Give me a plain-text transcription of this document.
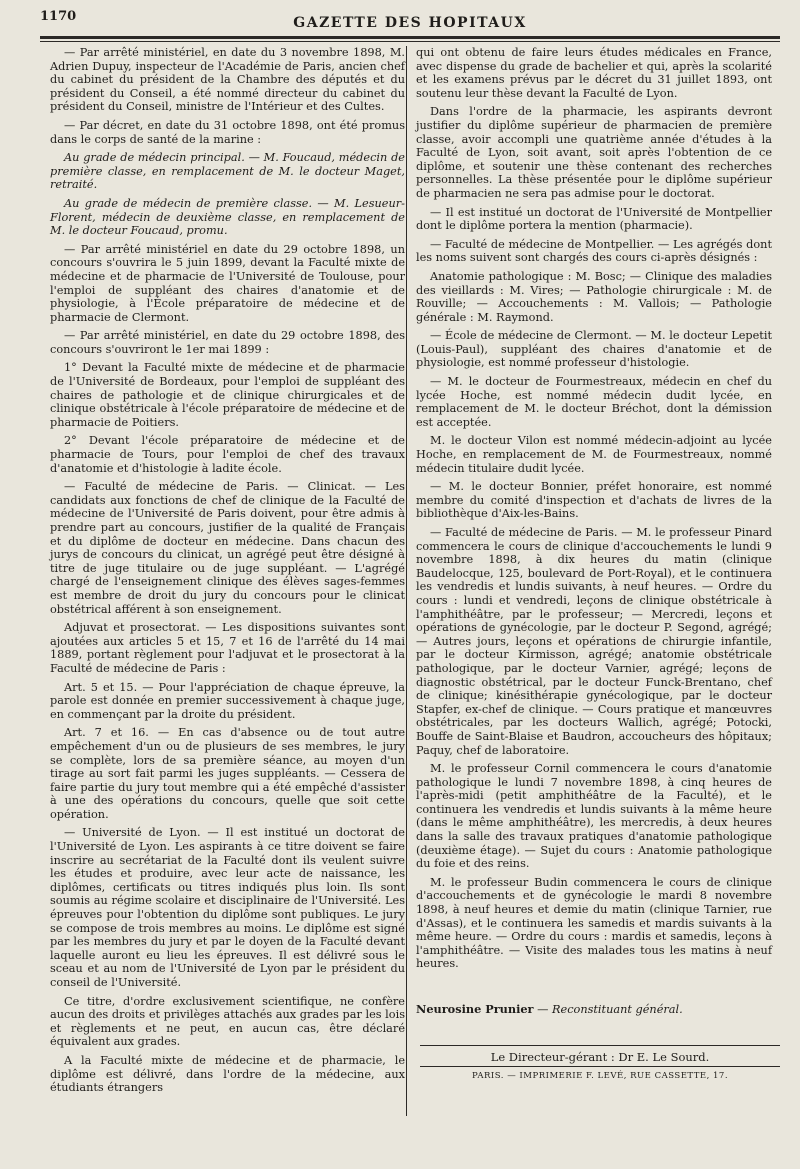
1170	GAZETTE DES HOPITAUX

— Par arrêté ministériel, en date du 3 novembre 1898, M. Adrien Dupuy, inspecteur de l'Académie de Paris, ancien chef du cabinet du président de la Chambre des députés et du président du Conseil, a été nommé directeur du cabinet du président du Conseil, ministre de l'Intérieur et des Cultes.

— Par décret, en date du 31 octobre 1898, ont été promus dans le corps de santé de la marine :

Au grade de médecin principal. — M. Foucaud, médecin de première classe, en remplacement de M. le docteur Maget, retraité.

Au grade de médecin de première classe. — M. Lesueur-Florent, médecin de deuxième classe, en remplacement de M. le docteur Foucaud, promu.

— Par arrêté ministériel en date du 29 octobre 1898, un concours s'ouvrira le 5 juin 1899, devant la Faculté mixte de médecine et de pharmacie de l'Université de Toulouse, pour l'emploi de suppléant des chaires d'anatomie et de physiologie, à l'École préparatoire de médecine et de pharmacie de Clermont.

— Par arrêté ministériel, en date du 29 octobre 1898, des concours s'ouvriront le 1er mai 1899 :

1° Devant la Faculté mixte de médecine et de pharmacie de l'Université de Bordeaux, pour l'emploi de suppléant des chaires de pathologie et de clinique chirurgicales et de clinique obstétricale à l'école préparatoire de médecine et de pharmacie de Poitiers.

2° Devant l'école préparatoire de médecine et de pharmacie de Tours, pour l'emploi de chef des travaux d'anatomie et d'histologie à ladite école.

— Faculté de médecine de Paris. — Clinicat. — Les candidats aux fonctions de chef de clinique de la Faculté de médecine de l'Université de Paris doivent, pour être admis à prendre part au concours, justifier de la qualité de Français et du diplôme de docteur en médecine. Dans chacun des jurys de concours du clinicat, un agrégé peut être désigné à titre de juge titulaire ou de juge suppléant. — L'agrégé chargé de l'enseignement clinique des élèves sages-femmes est membre de droit du jury du concours pour le clinicat obstétrical afférent à son enseignement.

Adjuvat et prosectorat. — Les dispositions suivantes sont ajoutées aux articles 5 et 15, 7 et 16 de l'arrêté du 14 mai 1889, portant règlement pour l'adjuvat et le prosectorat à la Faculté de médecine de Paris :

Art. 5 et 15. — Pour l'appréciation de chaque épreuve, la parole est donnée en premier successivement à chaque juge, en commençant par la droite du président.

Art. 7 et 16. — En cas d'absence ou de tout autre empêchement d'un ou de plusieurs de ses membres, le jury se complète, lors de sa première séance, au moyen d'un tirage au sort fait parmi les juges suppléants. — Cessera de faire partie du jury tout membre qui a été empêché d'assister à une des opérations du concours, quelle que soit cette opération.

— Université de Lyon. — Il est institué un doctorat de l'Université de Lyon. Les aspirants à ce titre doivent se faire inscrire au secrétariat de la Faculté dont ils veulent suivre les études et produire, avec leur acte de naissance, les diplômes, certificats ou titres indiqués plus loin. Ils sont soumis au régime scolaire et disciplinaire de l'Université. Les épreuves pour l'obtention du diplôme sont publiques. Le jury se compose de trois membres au moins. Le diplôme est signé par les membres du jury et par le doyen de la Faculté devant laquelle auront eu lieu les épreuves. Il est délivré sous le sceau et au nom de l'Université de Lyon par le président du conseil de l'Université.

Ce titre, d'ordre exclusivement scientifique, ne confère aucun des droits et privilèges attachés aux grades par les lois et règlements et ne peut, en aucun cas, être déclaré équivalent aux grades.

A la Faculté mixte de médecine et de pharmacie, le diplôme est délivré, dans l'ordre de la médecine, aux étudiants étrangers

qui ont obtenu de faire leurs études médicales en France, avec dispense du grade de bachelier et qui, après la scolarité et les examens prévus par le décret du 31 juillet 1893, ont soutenu leur thèse devant la Faculté de Lyon.

Dans l'ordre de la pharmacie, les aspirants devront justifier du diplôme supérieur de pharmacien de première classe, avoir accompli une quatrième année d'études à la Faculté de Lyon, soit avant, soit après l'obtention de ce diplôme, et soutenir une thèse contenant des recherches personnelles. La thèse présentée pour le diplôme supérieur de pharmacien ne sera pas admise pour le doctorat.

— Il est institué un doctorat de l'Université de Montpellier dont le diplôme portera la mention (pharmacie).

— Faculté de médecine de Montpellier. — Les agrégés dont les noms suivent sont chargés des cours ci-après désignés :

Anatomie pathologique : M. Bosc; — Clinique des maladies des vieillards : M. Vires; — Pathologie chirurgicale : M. de Rouville; — Accouchements : M. Vallois; — Pathologie générale : M. Raymond.

— École de médecine de Clermont. — M. le docteur Lepetit (Louis-Paul), suppléant des chaires d'anatomie et de physiologie, est nommé professeur d'histologie.

— M. le docteur de Fourmestreaux, médecin en chef du lycée Hoche, est nommé médecin dudit lycée, en remplacement de M. le docteur Bréchot, dont la démission est acceptée.

M. le docteur Vilon est nommé médecin-adjoint au lycée Hoche, en remplacement de M. de Fourmestreaux, nommé médecin titulaire dudit lycée.

— M. le docteur Bonnier, préfet honoraire, est nommé membre du comité d'inspection et d'achats de livres de la bibliothèque d'Aix-les-Bains.

— Faculté de médecine de Paris. — M. le professeur Pinard commencera le cours de clinique d'accouchements le lundi 9 novembre 1898, à dix heures du matin (clinique Baudelocque, 125, boulevard de Port-Royal), et le continuera les vendredis et lundis suivants, à neuf heures. — Ordre du cours : lundi et vendredi, leçons de clinique obstétricale à l'amphithéâtre, par le professeur; — Mercredi, leçons et opérations de gynécologie, par le docteur P. Segond, agrégé; — Autres jours, leçons et opérations de chirurgie infantile, par le docteur Kirmisson, agrégé; anatomie obstétricale pathologique, par le docteur Varnier, agrégé; leçons de diagnostic obstétrical, par le docteur Funck-Brentano, chef de clinique; kinésithérapie gynécologique, par le docteur Stapfer, ex-chef de clinique. — Cours pratique et manœuvres obstétricales, par les docteurs Wallich, agrégé; Potocki, Bouffe de Saint-Blaise et Baudron, accoucheurs des hôpitaux; Paquy, chef de laboratoire.

M. le professeur Cornil commencera le cours d'anatomie pathologique le lundi 7 novembre 1898, à cinq heures de l'après-midi (petit amphithéâtre de la Faculté), et le continuera les vendredis et lundis suivants à la même heure (dans le même amphithéâtre), les mercredis, à deux heures dans la salle des travaux pratiques d'anatomie pathologique (deuxième étage). — Sujet du cours : Anatomie pathologique du foie et des reins.

M. le professeur Budin commencera le cours de clinique d'accouchements et de gynécologie le mardi 8 novembre 1898, à neuf heures et demie du matin (clinique Tarnier, rue d'Assas), et le continuera les samedis et mardis suivants à la même heure. — Ordre du cours : mardis et samedis, leçons à l'amphithéâtre. — Visite des malades tous les matins à neuf heures.

Neurosine Prunier — Reconstituant général.

Le Directeur-gérant : Dr E. Le Sourd.
PARIS. — IMPRIMERIE F. LEVÉ, RUE CASSETTE, 17.
